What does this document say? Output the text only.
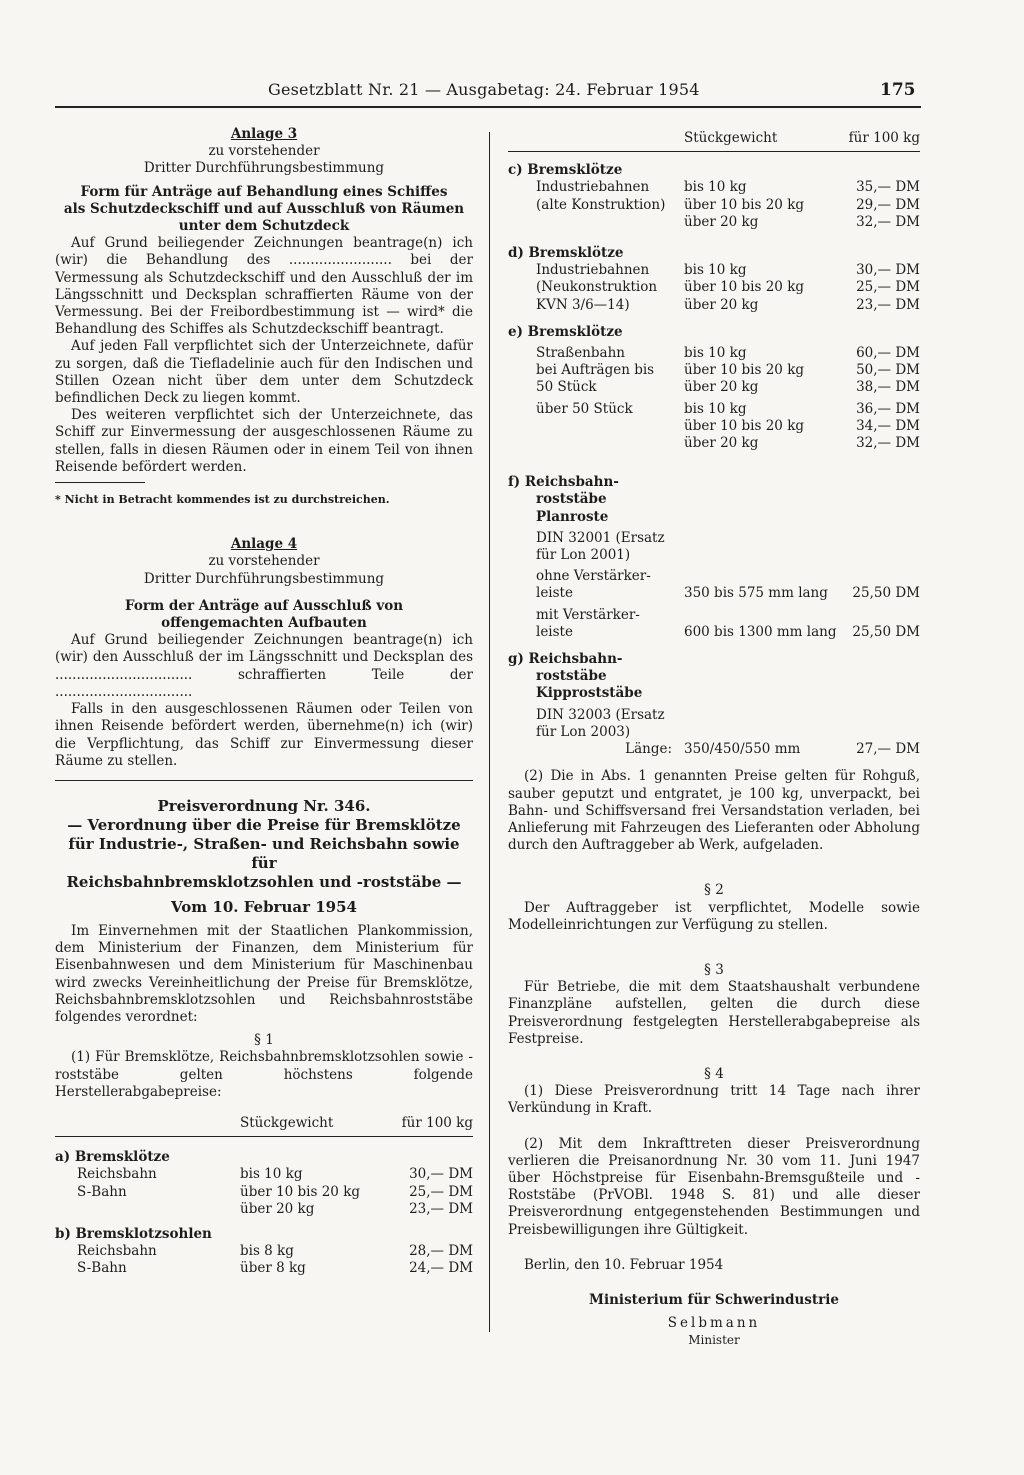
Gesetzblatt Nr. 21 — Ausgabetag: 24. Februar 1954	175
Anlage 3
zu vorstehender
Dritter Durchführungsbestimmung
Form für Anträge auf Behandlung eines Schiffes
als Schutzdeckschiff und auf Ausschluß von Räumen
unter dem Schutzdeck

Auf Grund beiliegender Zeichnungen beantrage(n) ich (wir) die Behandlung des ........................ bei der Vermessung als Schutzdeckschiff und den Ausschluß der im Längsschnitt und Decksplan schraffierten Räume von der Vermessung. Bei der Freibordbestimmung ist — wird* die Behandlung des Schiffes als Schutzdeckschiff beantragt.

Auf jeden Fall verpflichtet sich der Unterzeichnete, dafür zu sorgen, daß die Tiefladelinie auch für den Indischen und Stillen Ozean nicht über dem unter dem Schutzdeck befindlichen Deck zu liegen kommt.

Des weiteren verpflichtet sich der Unterzeichnete, das Schiff zur Einvermessung der ausgeschlossenen Räume zu stellen, falls in diesen Räumen oder in einem Teil von ihnen Reisende befördert werden.

* Nicht in Betracht kommendes ist zu durchstreichen.
Anlage 4
zu vorstehender
Dritter Durchführungsbestimmung
Form der Anträge auf Ausschluß von
offengemachten Aufbauten

Auf Grund beiliegender Zeichnungen beantrage(n) ich (wir) den Ausschluß der im Längsschnitt und Decksplan des ................................ schraffierten Teile der ................................

Falls in den ausgeschlossenen Räumen oder Teilen von ihnen Reisende befördert werden, übernehme(n) ich (wir) die Verpflichtung, das Schiff zur Einvermessung dieser Räume zu stellen.

Preisverordnung Nr. 346.
— Verordnung über die Preise für Bremsklötze
für Industrie-, Straßen- und Reichsbahn sowie für
Reichsbahnbremsklotzsohlen und -roststäbe —
Vom 10. Februar 1954

Im Einvernehmen mit der Staatlichen Plankommission, dem Ministerium der Finanzen, dem Ministerium für Eisenbahnwesen und dem Ministerium für Maschinenbau wird zwecks Vereinheitlichung der Preise für Bremsklötze, Reichsbahnbremsklotzsohlen und Reichsbahnroststäbe folgendes verordnet:

§ 1

(1) Für Bremsklötze, Reichsbahnbremsklotzsohlen sowie -roststäbe gelten höchstens folgende Herstellerabgabepreise:

	Stückgewicht	für 100 kg
a) Bremsklötze		
Reichsbahn	bis 10 kg	30,— DM
S-Bahn	über 10 bis 20 kg	25,— DM
	über 20 kg	23,— DM
b) Bremsklotzsohlen		
Reichsbahn	bis 8 kg	28,— DM
S-Bahn	über 8 kg	24,— DM
	Stückgewicht	für 100 kg
c) Bremsklötze		
Industriebahnen	bis 10 kg	35,— DM
(alte Konstruktion)	über 10 bis 20 kg	29,— DM
	über 20 kg	32,— DM
d) Bremsklötze		
Industriebahnen	bis 10 kg	30,— DM
(Neukonstruktion	über 10 bis 20 kg	25,— DM
KVN 3/6—14)	über 20 kg	23,— DM
e) Bremsklötze		
Straßenbahn	bis 10 kg	60,— DM
bei Aufträgen bis	über 10 bis 20 kg	50,— DM
50 Stück	über 20 kg	38,— DM
über 50 Stück	bis 10 kg	36,— DM
	über 10 bis 20 kg	34,— DM
	über 20 kg	32,— DM
f) Reichsbahn-		
roststäbe		
Planroste		
DIN 32001 (Ersatz		
für Lon 2001)		
ohne Verstärker-		
leiste	350 bis 575 mm lang	25,50 DM
mit Verstärker-		
leiste	600 bis 1300 mm lang	25,50 DM
g) Reichsbahn-		
roststäbe		
Kipproststäbe		
DIN 32003 (Ersatz		
für Lon 2003)		
Länge:	350/450/550 mm	27,— DM

(2) Die in Abs. 1 genannten Preise gelten für Rohguß, sauber geputzt und entgratet, je 100 kg, unverpackt, bei Bahn- und Schiffsversand frei Versandstation verladen, bei Anlieferung mit Fahrzeugen des Lieferanten oder Abholung durch den Auftraggeber ab Werk, aufgeladen.

§ 2

Der Auftraggeber ist verpflichtet, Modelle sowie Modelleinrichtungen zur Verfügung zu stellen.

§ 3

Für Betriebe, die mit dem Staatshaushalt verbundene Finanzpläne aufstellen, gelten die durch diese Preisverordnung festgelegten Herstellerabgabepreise als Festpreise.

§ 4

(1) Diese Preisverordnung tritt 14 Tage nach ihrer Verkündung in Kraft.

(2) Mit dem Inkrafttreten dieser Preisverordnung verlieren die Preisanordnung Nr. 30 vom 11. Juni 1947 über Höchstpreise für Eisenbahn-Bremsgußteile und -Roststäbe (PrVOBl. 1948 S. 81) und alle dieser Preisverordnung entgegenstehenden Bestimmungen und Preisbewilligungen ihre Gültigkeit.

Berlin, den 10. Februar 1954

Ministerium für Schwerindustrie
Selbmann
Minister
